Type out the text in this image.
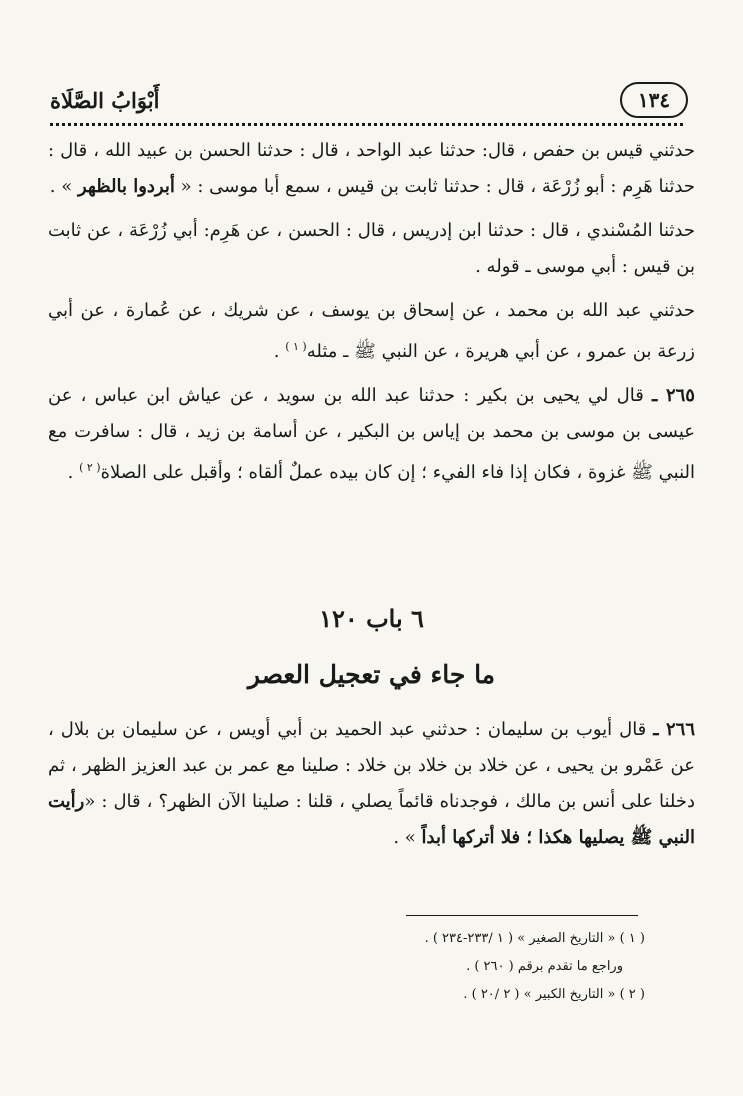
أَبْوَابُ الصَّلَاة	١٣٤

حدثني قيس بن حفص ، قال: حدثنا عبد الواحد ، قال : حدثنا الحسن بن عبيد الله ، قال : حدثنا هَرِم : أبو زُرْعَة ، قال : حدثنا ثابت بن قيس ، سمع أبا موسى : « أبردوا بالظهر » .

حدثنا المُسْندي ، قال : حدثنا ابن إدريس ، قال : الحسن ، عن هَرِم: أبي زُرْعَة ، عن ثابت بن قيس : أبي موسى ـ قوله .

حدثني عبد الله بن محمد ، عن إسحاق بن يوسف ، عن شريك ، عن عُمارة ، عن أبي زرعة بن عمرو ، عن أبي هريرة ، عن النبي ﷺ ـ مثله$^{( ١ )}$ .

٢٦٥ ـ قال لي يحيى بن بكير : حدثنا عبد الله بن سويد ، عن عياش ابن عباس ، عن عيسى بن موسى بن محمد بن إياس بن البكير ، عن أسامة بن زيد ، قال : سافرت مع النبي ﷺ غزوة ، فكان إذا فاء الفيء ؛ إن كان بيده عملٌ ألقاه ؛ وأقبل على الصلاة$^{( ٢ )}$ .

٦ باب ١٢٠
ما جاء في تعجيل العصر

٢٦٦ ـ قال أيوب بن سليمان : حدثني عبد الحميد بن أبي أويس ، عن سليمان بن بلال ، عن عَمْرو بن يحيى ، عن خلاد بن خلاد بن خلاد : صلينا مع عمر بن عبد العزيز الظهر ، ثم دخلنا على أنس بن مالك ، فوجدناه قائماً يصلي ، قلنا : صلينا الآن الظهر؟ ، قال : «رأيت النبي ﷺ يصليها هكذا ؛ فلا أتركها أبداً » .

( ١ ) « التاريخ الصغير » ( ١ /٢٣٣-٢٣٤ ) .
وراجع ما تقدم برقم ( ٢٦٠ ) .
( ٢ ) « التاريخ الكبير » ( ٢ /٢٠ ) .
